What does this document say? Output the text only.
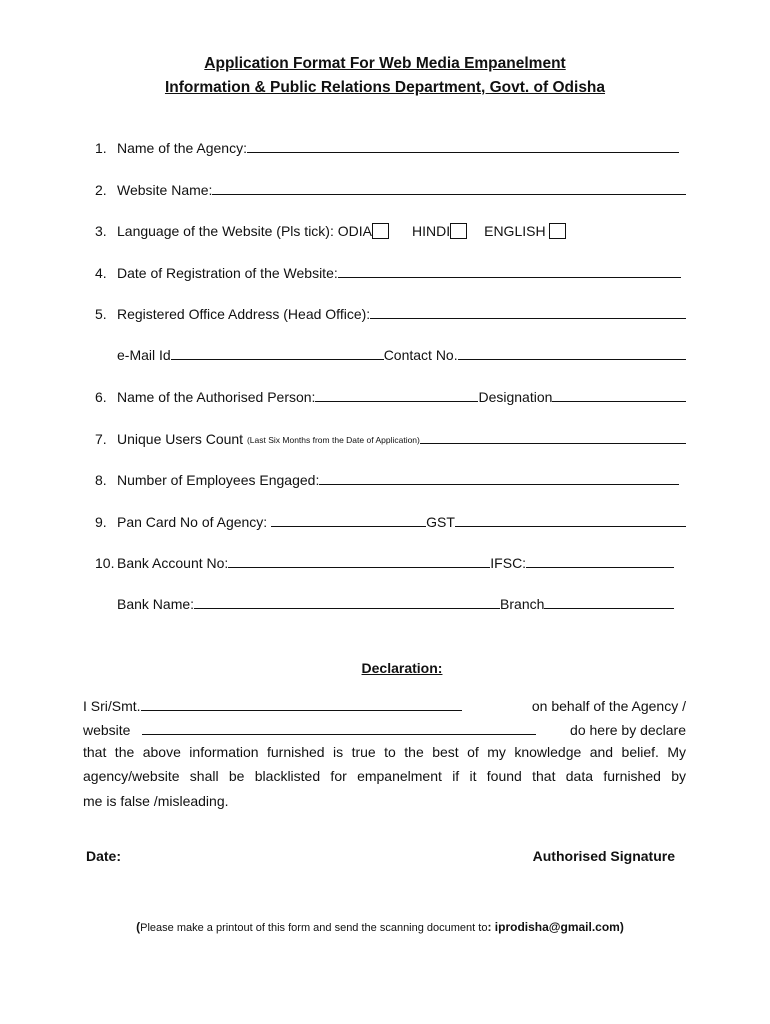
Application Format For Web Media Empanelment
Information & Public Relations Department, Govt. of Odisha
1. Name of the Agency:
2. Website Name:
3. Language of the Website (Pls tick): ODIA	HINDI ENGLISH
4. Date of Registration of the Website:
5. Registered Office Address (Head Office):
e-Mail Id	Contact No.
6. Name of the Authorised Person:	Designation
7. Unique Users Count (Last Six Months from the Date of Application)
8. Number of Employees Engaged:
9. Pan Card No of Agency:	GST
10. Bank Account No:	IFSC:
Bank Name:	Branch
Declaration:
I Sri/Smt.	on behalf of the Agency /
website	do here by declare
that the above information furnished is true to the best of my knowledge and belief. My
agency/website shall be blacklisted for empanelment if it found that data furnished by
me is false /misleading.
Date:	Authorised Signature
(Please make a printout of this form and send the scanning document to: iprodisha@gmail.com)
